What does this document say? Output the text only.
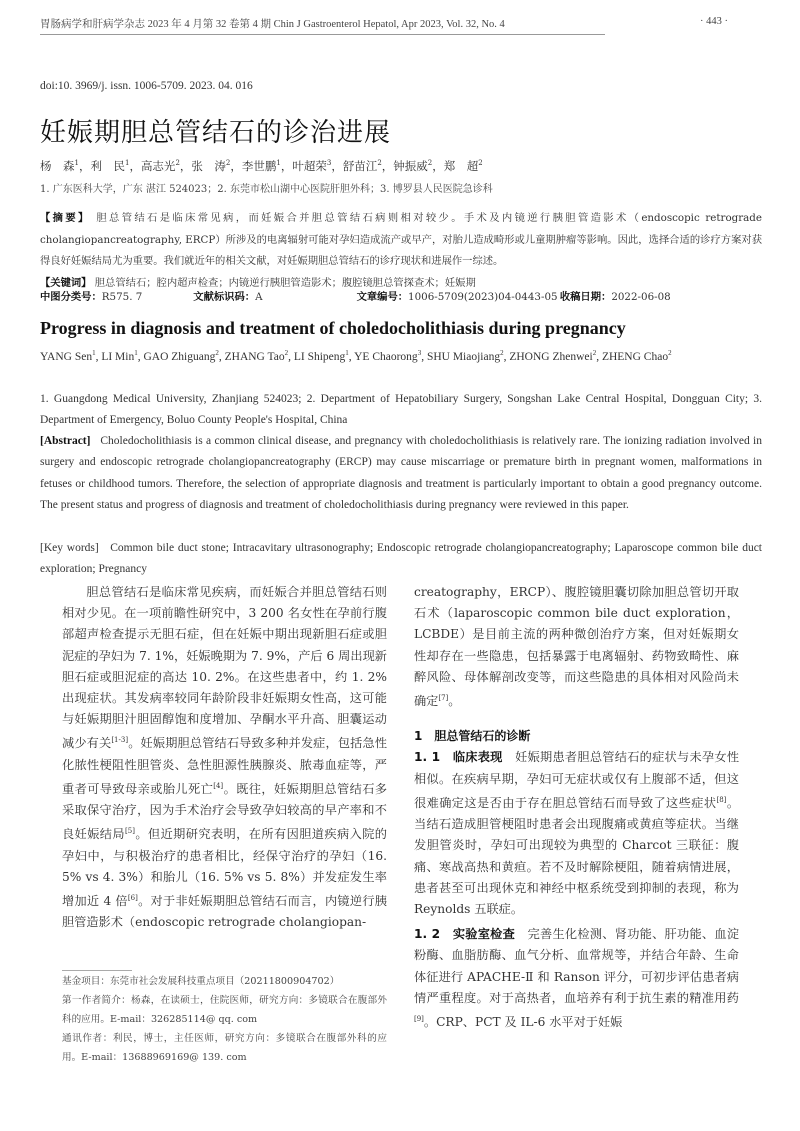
胃肠病学和肝病学杂志 2023 年 4 月第 32 卷第 4 期 Chin J Gastroenterol Hepatol, Apr 2023, Vol. 32, No. 4	· 443 ·
doi:10. 3969/j. issn. 1006-5709. 2023. 04. 016
妊娠期胆总管结石的诊治进展
杨　森$^1$，利　民$^1$，高志光$^2$，张　涛$^2$，李世鹏$^1$，叶超荣$^3$，舒苗江$^2$，钟振威$^2$，郑　超$^2$
1. 广东医科大学，广东 湛江 524023；2. 东莞市松山湖中心医院肝胆外科；3. 博罗县人民医院急诊科
【摘要】 胆总管结石是临床常见病，而妊娠合并胆总管结石病则相对较少。手术及内镜逆行胰胆管造影术（endoscopic retrograde cholangiopancreatography, ERCP）所涉及的电离辐射可能对孕妇造成流产或早产，对胎儿造成畸形或儿童期肿瘤等影响。因此，选择合适的诊疗方案对获得良好妊娠结局尤为重要。我们就近年的相关文献，对妊娠期胆总管结石的诊疗现状和进展作一综述。
【关键词】 胆总管结石；腔内超声检查；内镜逆行胰胆管造影术；腹腔镜胆总管探查术；妊娠期
中图分类号：R575. 7	文献标识码：A	文章编号：1006-5709(2023)04-0443-05 收稿日期：2022-06-08
Progress in diagnosis and treatment of choledocholithiasis during pregnancy
YANG Sen$^1$, LI Min$^1$, GAO Zhiguang$^2$, ZHANG Tao$^2$, LI Shipeng$^1$, YE Chaorong$^3$, SHU Miaojiang$^2$, ZHONG Zhenwei$^2$, ZHENG Chao$^2$
1. Guangdong Medical University, Zhanjiang 524023; 2. Department of Hepatobiliary Surgery, Songshan Lake Central Hospital, Dongguan City; 3. Department of Emergency, Boluo County People's Hospital, China
[Abstract] Choledocholithiasis is a common clinical disease, and pregnancy with choledocholithiasis is relatively rare. The ionizing radiation involved in surgery and endoscopic retrograde cholangiopancreatography (ERCP) may cause miscarriage or premature birth in pregnant women, malformations in fetuses or childhood tumors. Therefore, the selection of appropriate diagnosis and treatment is particularly important to obtain a good pregnancy outcome. The present status and progress of diagnosis and treatment of choledocholithiasis during pregnancy were reviewed in this paper.
[Key words] Common bile duct stone; Intracavitary ultrasonography; Endoscopic retrograde cholangiopancreatography; Laparoscope common bile duct exploration; Pregnancy

胆总管结石是临床常见疾病，而妊娠合并胆总管结石则相对少见。在一项前瞻性研究中，3 200 名女性在孕前行腹部超声检查提示无胆石症，但在妊娠中期出现新胆石症或胆泥症的孕妇为 7. 1%，妊娠晚期为 7. 9%，产后 6 周出现新胆石症或胆泥症的高达 10. 2%。在这些患者中，约 1. 2% 出现症状。其发病率较同年龄阶段非妊娠期女性高，这可能与妊娠期胆汁胆固醇饱和度增加、孕酮水平升高、胆囊运动减少有关[1-3]。妊娠期胆总管结石导致多种并发症，包括急性化脓性梗阻性胆管炎、急性胆源性胰腺炎、脓毒血症等，严重者可导致母亲或胎儿死亡[4]。既往，妊娠期胆总管结石多采取保守治疗，因为手术治疗会导致孕妇较高的早产率和不良妊娠结局[5]。但近期研究表明，在所有因胆道疾病入院的孕妇中，与积极治疗的患者相比，经保守治疗的孕妇（16. 5% vs 4. 3%）和胎儿（16. 5% vs 5. 8%）并发症发生率增加近 4 倍[6]。对于非妊娠期胆总管结石而言，内镜逆行胰胆管造影术（endoscopic retrograde cholangiopan-

基金项目：东莞市社会发展科技重点项目（20211800904702）

第一作者简介：杨森，在读硕士，住院医师，研究方向：多镜联合在腹部外科的应用。E-mail：326285114@ qq. com

通讯作者：利民，博士，主任医师，研究方向：多镜联合在腹部外科的应用。E-mail：13688969169@ 139. com

creatography，ERCP）、腹腔镜胆囊切除加胆总管切开取石术（laparoscopic common bile duct exploration，LCBDE）是目前主流的两种微创治疗方案，但对妊娠期女性却存在一些隐患，包括暴露于电离辐射、药物致畸性、麻醉风险、母体解剖改变等，而这些隐患的具体相对风险尚未确定[7]。

1　胆总管结石的诊断

1. 1　临床表现　 妊娠期患者胆总管结石的症状与未孕女性相似。在疾病早期，孕妇可无症状或仅有上腹部不适，但这很难确定这是否由于存在胆总管结石而导致了这些症状[8]。当结石造成胆管梗阻时患者会出现腹痛或黄疸等症状。当继发胆管炎时，孕妇可出现较为典型的 Charcot 三联征：腹痛、寒战高热和黄疸。若不及时解除梗阻，随着病情进展，患者甚至可出现休克和神经中枢系统受到抑制的表现，称为 Reynolds 五联症。

1. 2　实验室检查　 完善生化检测、肾功能、肝功能、血淀粉酶、血脂肪酶、血气分析、血常规等，并结合年龄、生命体征进行 APACHE-Ⅱ 和 Ranson 评分，可初步评估患者病情严重程度。对于高热者，血培养有利于抗生素的精准用药[9]。CRP、PCT 及 IL-6 水平对于妊娠
